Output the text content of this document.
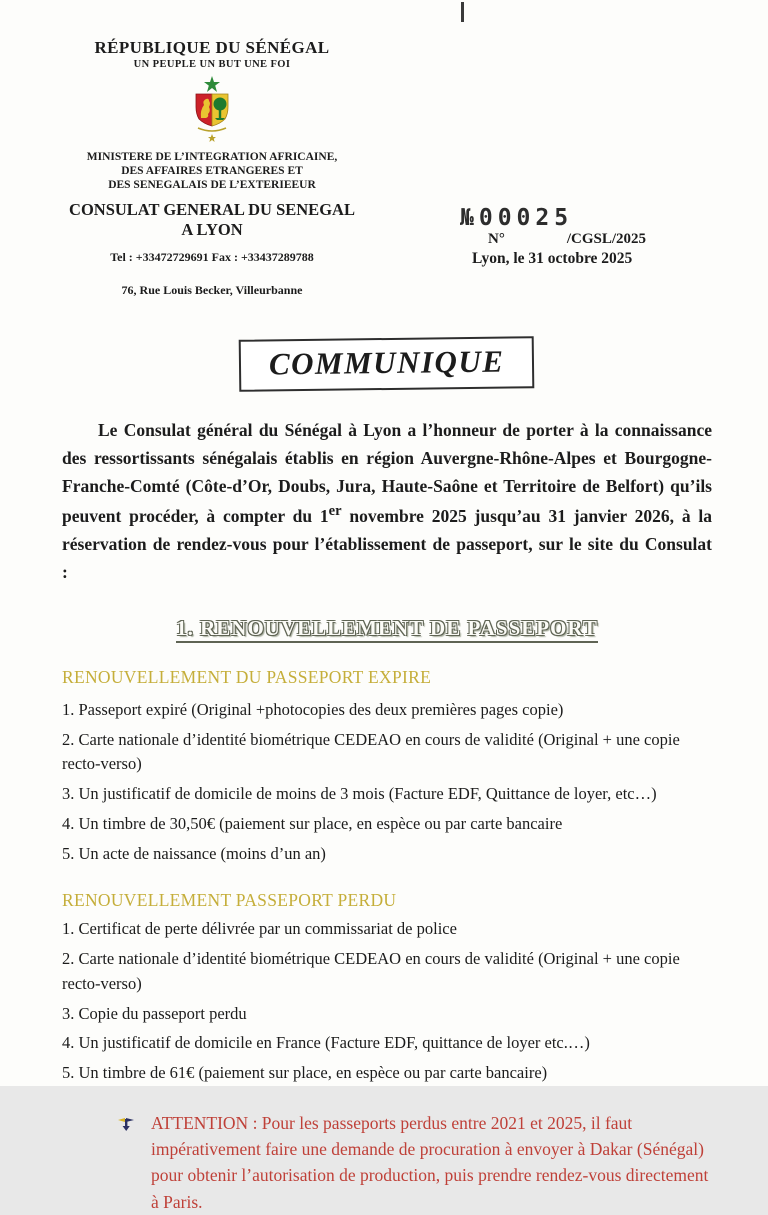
RÉPUBLIQUE DU SÉNÉGAL
UN PEUPLE UN BUT UNE FOI
MINISTERE DE L’INTEGRATION AFRICAINE,
DES AFFAIRES ETRANGERES ET
DES SENEGALAIS DE L’EXTERIEEUR
CONSULAT GENERAL DU SENEGAL
A LYON
Tel : +33472729691 Fax : +33437289788
76, Rue Louis Becker, Villeurbanne
№00025
N°	/CGSL/2025
Lyon, le 31 octobre 2025
COMMUNIQUE

Le Consulat général du Sénégal à Lyon a l’honneur de porter à la connaissance des ressortissants sénégalais établis en région Auvergne-Rhône-Alpes et Bourgogne-Franche-Comté (Côte-d’Or, Doubs, Jura, Haute-Saône et Territoire de Belfort) qu’ils peuvent procéder, à compter du 1er novembre 2025 jusqu’au 31 janvier 2026, à la réservation de rendez-vous pour l’établissement de passeport, sur le site du Consulat :

1. RENOUVELLEMENT DE PASSEPORT
RENOUVELLEMENT DU PASSEPORT EXPIRE
1. Passeport expiré (Original +photocopies des deux premières pages copie)
2. Carte nationale d’identité biométrique CEDEAO en cours de validité (Original + une copie recto-verso)
3. Un justificatif de domicile de moins de 3 mois (Facture EDF, Quittance de loyer, etc…)
4. Un timbre de 30,50€ (paiement sur place, en espèce ou par carte bancaire
5. Un acte de naissance (moins d’un an)
RENOUVELLEMENT PASSEPORT PERDU
1. Certificat de perte délivrée par un commissariat de police
2. Carte nationale d’identité biométrique CEDEAO en cours de validité (Original + une copie recto-verso)
3. Copie du passeport perdu
4. Un justificatif de domicile en France (Facture EDF, quittance de loyer etc.…)
5. Un timbre de 61€ (paiement sur place, en espèce ou par carte bancaire)
ATTENTION : Pour les passeports perdus entre 2021 et 2025, il faut impérativement faire une demande de procuration à envoyer à Dakar (Sénégal) pour obtenir l’autorisation de production, puis prendre rendez-vous directement à Paris.
